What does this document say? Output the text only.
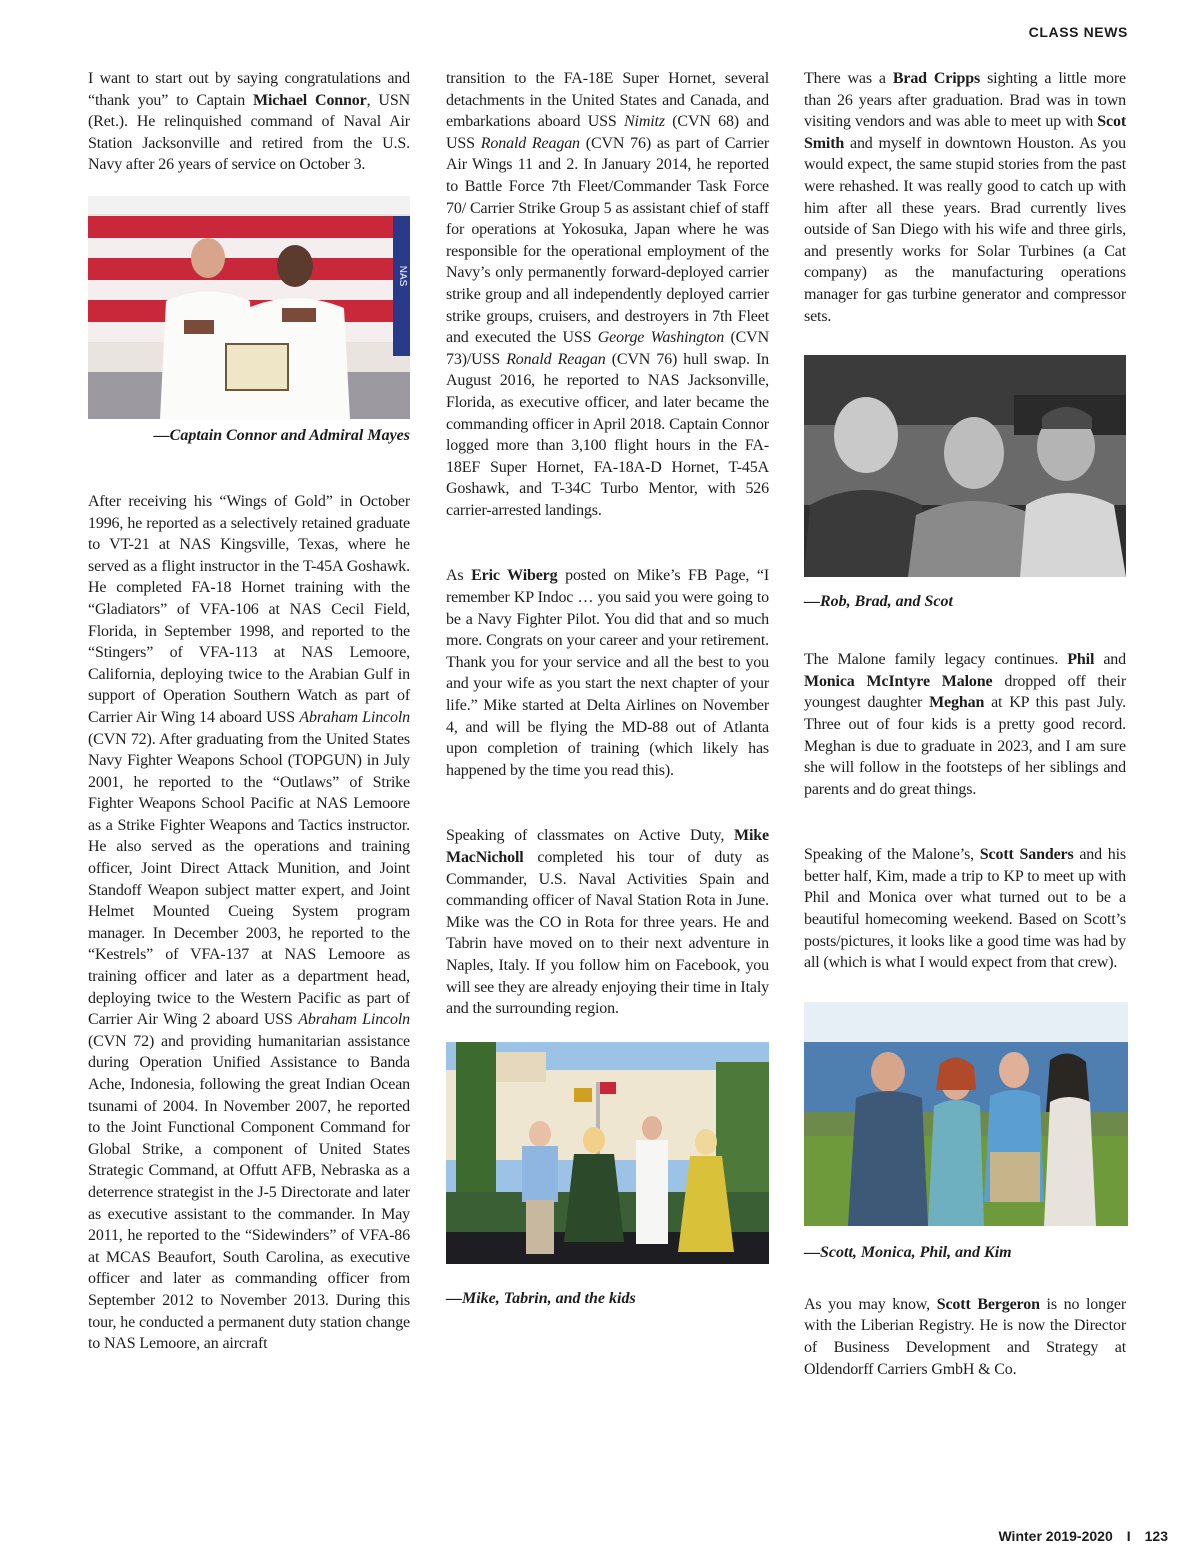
CLASS NEWS

I want to start out by saying congratulations and “thank you” to Captain Michael Connor, USN (Ret.). He relinquished command of Naval Air Station Jacksonville and retired from the U.S. Navy after 26 years of service on October 3.

NAS

—Captain Connor and Admiral Mayes

After receiving his “Wings of Gold” in October 1996, he reported as a selectively retained graduate to VT-21 at NAS Kingsville, Texas, where he served as a flight instructor in the T-45A Goshawk. He completed FA-18 Hornet training with the “Gladiators” of VFA-106 at NAS Cecil Field, Florida, in September 1998, and reported to the “Stingers” of VFA-113 at NAS Lemoore, California, deploying twice to the Arabian Gulf in support of Operation Southern Watch as part of Carrier Air Wing 14 aboard USS Abraham Lincoln (CVN 72). After graduating from the United States Navy Fighter Weapons School (TOPGUN) in July 2001, he reported to the “Outlaws” of Strike Fighter Weapons School Pacific at NAS Lemoore as a Strike Fighter Weapons and Tactics instructor. He also served as the operations and training officer, Joint Direct Attack Munition, and Joint Standoff Weapon subject matter expert, and Joint Helmet Mounted Cueing System program manager. In December 2003, he reported to the “Kestrels” of VFA-137 at NAS Lemoore as training officer and later as a department head, deploying twice to the Western Pacific as part of Carrier Air Wing 2 aboard USS Abraham Lincoln (CVN 72) and providing humanitarian assistance during Operation Unified Assistance to Banda Ache, Indonesia, following the great Indian Ocean tsunami of 2004. In November 2007, he reported to the Joint Functional Component Command for Global Strike, a component of United States Strategic Command, at Offutt AFB, Nebraska as a deterrence strategist in the J-5 Directorate and later as executive assistant to the commander. In May 2011, he reported to the “Sidewinders” of VFA-86 at MCAS Beaufort, South Carolina, as executive officer and later as commanding officer from September 2012 to November 2013. During this tour, he conducted a permanent duty station change to NAS Lemoore, an aircraft

transition to the FA-18E Super Hornet, several detachments in the United States and Canada, and embarkations aboard USS Nimitz (CVN 68) and USS Ronald Reagan (CVN 76) as part of Carrier Air Wings 11 and 2. In January 2014, he reported to Battle Force 7th Fleet/Commander Task Force 70/ Carrier Strike Group 5 as assistant chief of staff for operations at Yokosuka, Japan where he was responsible for the operational employment of the Navy’s only permanently forward-deployed carrier strike group and all independently deployed carrier strike groups, cruisers, and destroyers in 7th Fleet and executed the USS George Washington (CVN 73)/USS Ronald Reagan (CVN 76) hull swap. In August 2016, he reported to NAS Jacksonville, Florida, as executive officer, and later became the commanding officer in April 2018. Captain Connor logged more than 3,100 flight hours in the FA-18EF Super Hornet, FA-18A-D Hornet, T-45A Goshawk, and T-34C Turbo Mentor, with 526 carrier-arrested landings.

As Eric Wiberg posted on Mike’s FB Page, “I remember KP Indoc … you said you were going to be a Navy Fighter Pilot. You did that and so much more. Congrats on your career and your retirement. Thank you for your service and all the best to you and your wife as you start the next chapter of your life.” Mike started at Delta Airlines on November 4, and will be flying the MD-88 out of Atlanta upon completion of training (which likely has happened by the time you read this).

Speaking of classmates on Active Duty, Mike MacNicholl completed his tour of duty as Commander, U.S. Naval Activities Spain and commanding officer of Naval Station Rota in June. Mike was the CO in Rota for three years. He and Tabrin have moved on to their next adventure in Naples, Italy. If you follow him on Facebook, you will see they are already enjoying their time in Italy and the surrounding region.

—Mike, Tabrin, and the kids

There was a Brad Cripps sighting a little more than 26 years after graduation. Brad was in town visiting vendors and was able to meet up with Scot Smith and myself in downtown Houston. As you would expect, the same stupid stories from the past were rehashed. It was really good to catch up with him after all these years. Brad currently lives outside of San Diego with his wife and three girls, and presently works for Solar Turbines (a Cat company) as the manufacturing operations manager for gas turbine generator and compressor sets.

—Rob, Brad, and Scot

The Malone family legacy continues. Phil and Monica McIntyre Malone dropped off their youngest daughter Meghan at KP this past July. Three out of four kids is a pretty good record. Meghan is due to graduate in 2023, and I am sure she will follow in the footsteps of her siblings and parents and do great things.

Speaking of the Malone’s, Scott Sanders and his better half, Kim, made a trip to KP to meet up with Phil and Monica over what turned out to be a beautiful homecoming weekend. Based on Scott’s posts/pictures, it looks like a good time was had by all (which is what I would expect from that crew).

—Scott, Monica, Phil, and Kim

As you may know, Scott Bergeron is no longer with the Liberian Registry. He is now the Director of Business Development and Strategy at Oldendorff Carriers GmbH & Co.

Winter 2019-2020 I 123
